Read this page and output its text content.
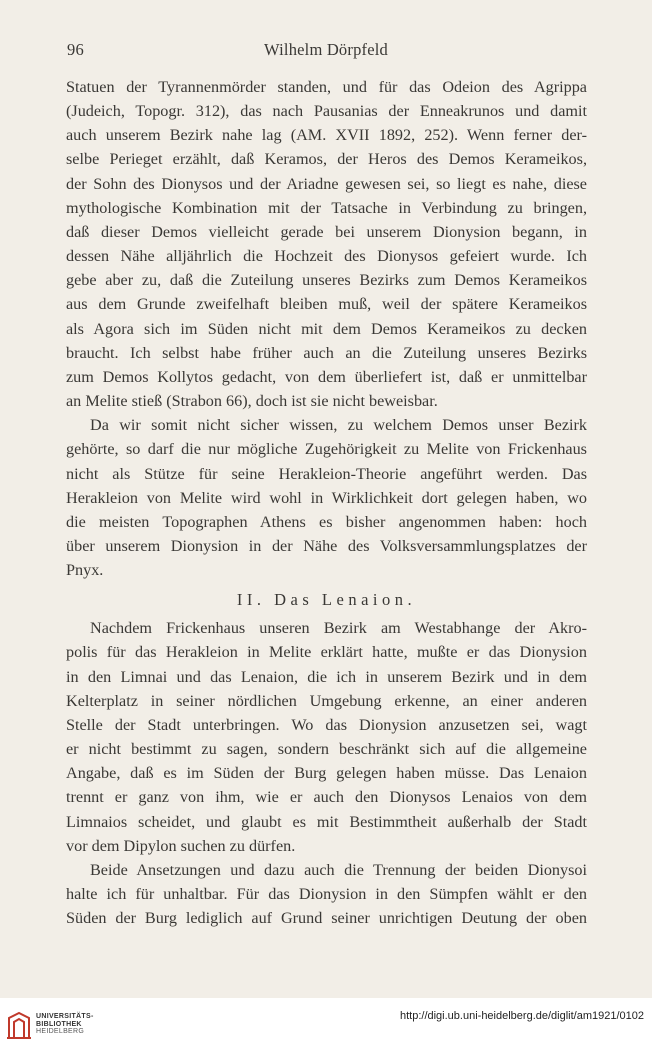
96	Wilhelm Dörpfeld

Statuen der Tyrannenmörder standen, und für das Odeion des Agrippa
(Judeich, Topogr. 312), das nach Pausanias der Enneakrunos und damit
auch unserem Bezirk nahe lag (AM. XVII 1892, 252). Wenn ferner der-
selbe Perieget erzählt, daß Keramos, der Heros des Demos Kerameikos,
der Sohn des Dionysos und der Ariadne gewesen sei, so liegt es nahe, diese
mythologische Kombination mit der Tatsache in Verbindung zu bringen,
daß dieser Demos vielleicht gerade bei unserem Dionysion begann, in
dessen Nähe alljährlich die Hochzeit des Dionysos gefeiert wurde. Ich
gebe aber zu, daß die Zuteilung unseres Bezirks zum Demos Kerameikos
aus dem Grunde zweifelhaft bleiben muß, weil der spätere Kerameikos
als Agora sich im Süden nicht mit dem Demos Kerameikos zu decken
braucht. Ich selbst habe früher auch an die Zuteilung unseres Bezirks
zum Demos Kollytos gedacht, von dem überliefert ist, daß er unmittelbar
an Melite stieß (Strabon 66), doch ist sie nicht beweisbar.

Da wir somit nicht sicher wissen, zu welchem Demos unser Bezirk
gehörte, so darf die nur mögliche Zugehörigkeit zu Melite von Frickenhaus
nicht als Stütze für seine Herakleion-Theorie angeführt werden. Das
Herakleion von Melite wird wohl in Wirklichkeit dort gelegen haben, wo
die meisten Topographen Athens es bisher angenommen haben: hoch
über unserem Dionysion in der Nähe des Volksversammlungsplatzes der
Pnyx.

II. Das Lenaion.

Nachdem Frickenhaus unseren Bezirk am Westabhange der Akro-
polis für das Herakleion in Melite erklärt hatte, mußte er das Dionysion
in den Limnai und das Lenaion, die ich in unserem Bezirk und in dem
Kelterplatz in seiner nördlichen Umgebung erkenne, an einer anderen
Stelle der Stadt unterbringen. Wo das Dionysion anzusetzen sei, wagt
er nicht bestimmt zu sagen, sondern beschränkt sich auf die allgemeine
Angabe, daß es im Süden der Burg gelegen haben müsse. Das Lenaion
trennt er ganz von ihm, wie er auch den Dionysos Lenaios von dem
Limnaios scheidet, und glaubt es mit Bestimmtheit außerhalb der Stadt
vor dem Dipylon suchen zu dürfen.

Beide Ansetzungen und dazu auch die Trennung der beiden Dionysoi
halte ich für unhaltbar. Für das Dionysion in den Sümpfen wählt er den
Süden der Burg lediglich auf Grund seiner unrichtigen Deutung der oben

UNIVERSITÄTS-
BIBLIOTHEK
HEIDELBERG
http://digi.ub.uni-heidelberg.de/diglit/am1921/0102
